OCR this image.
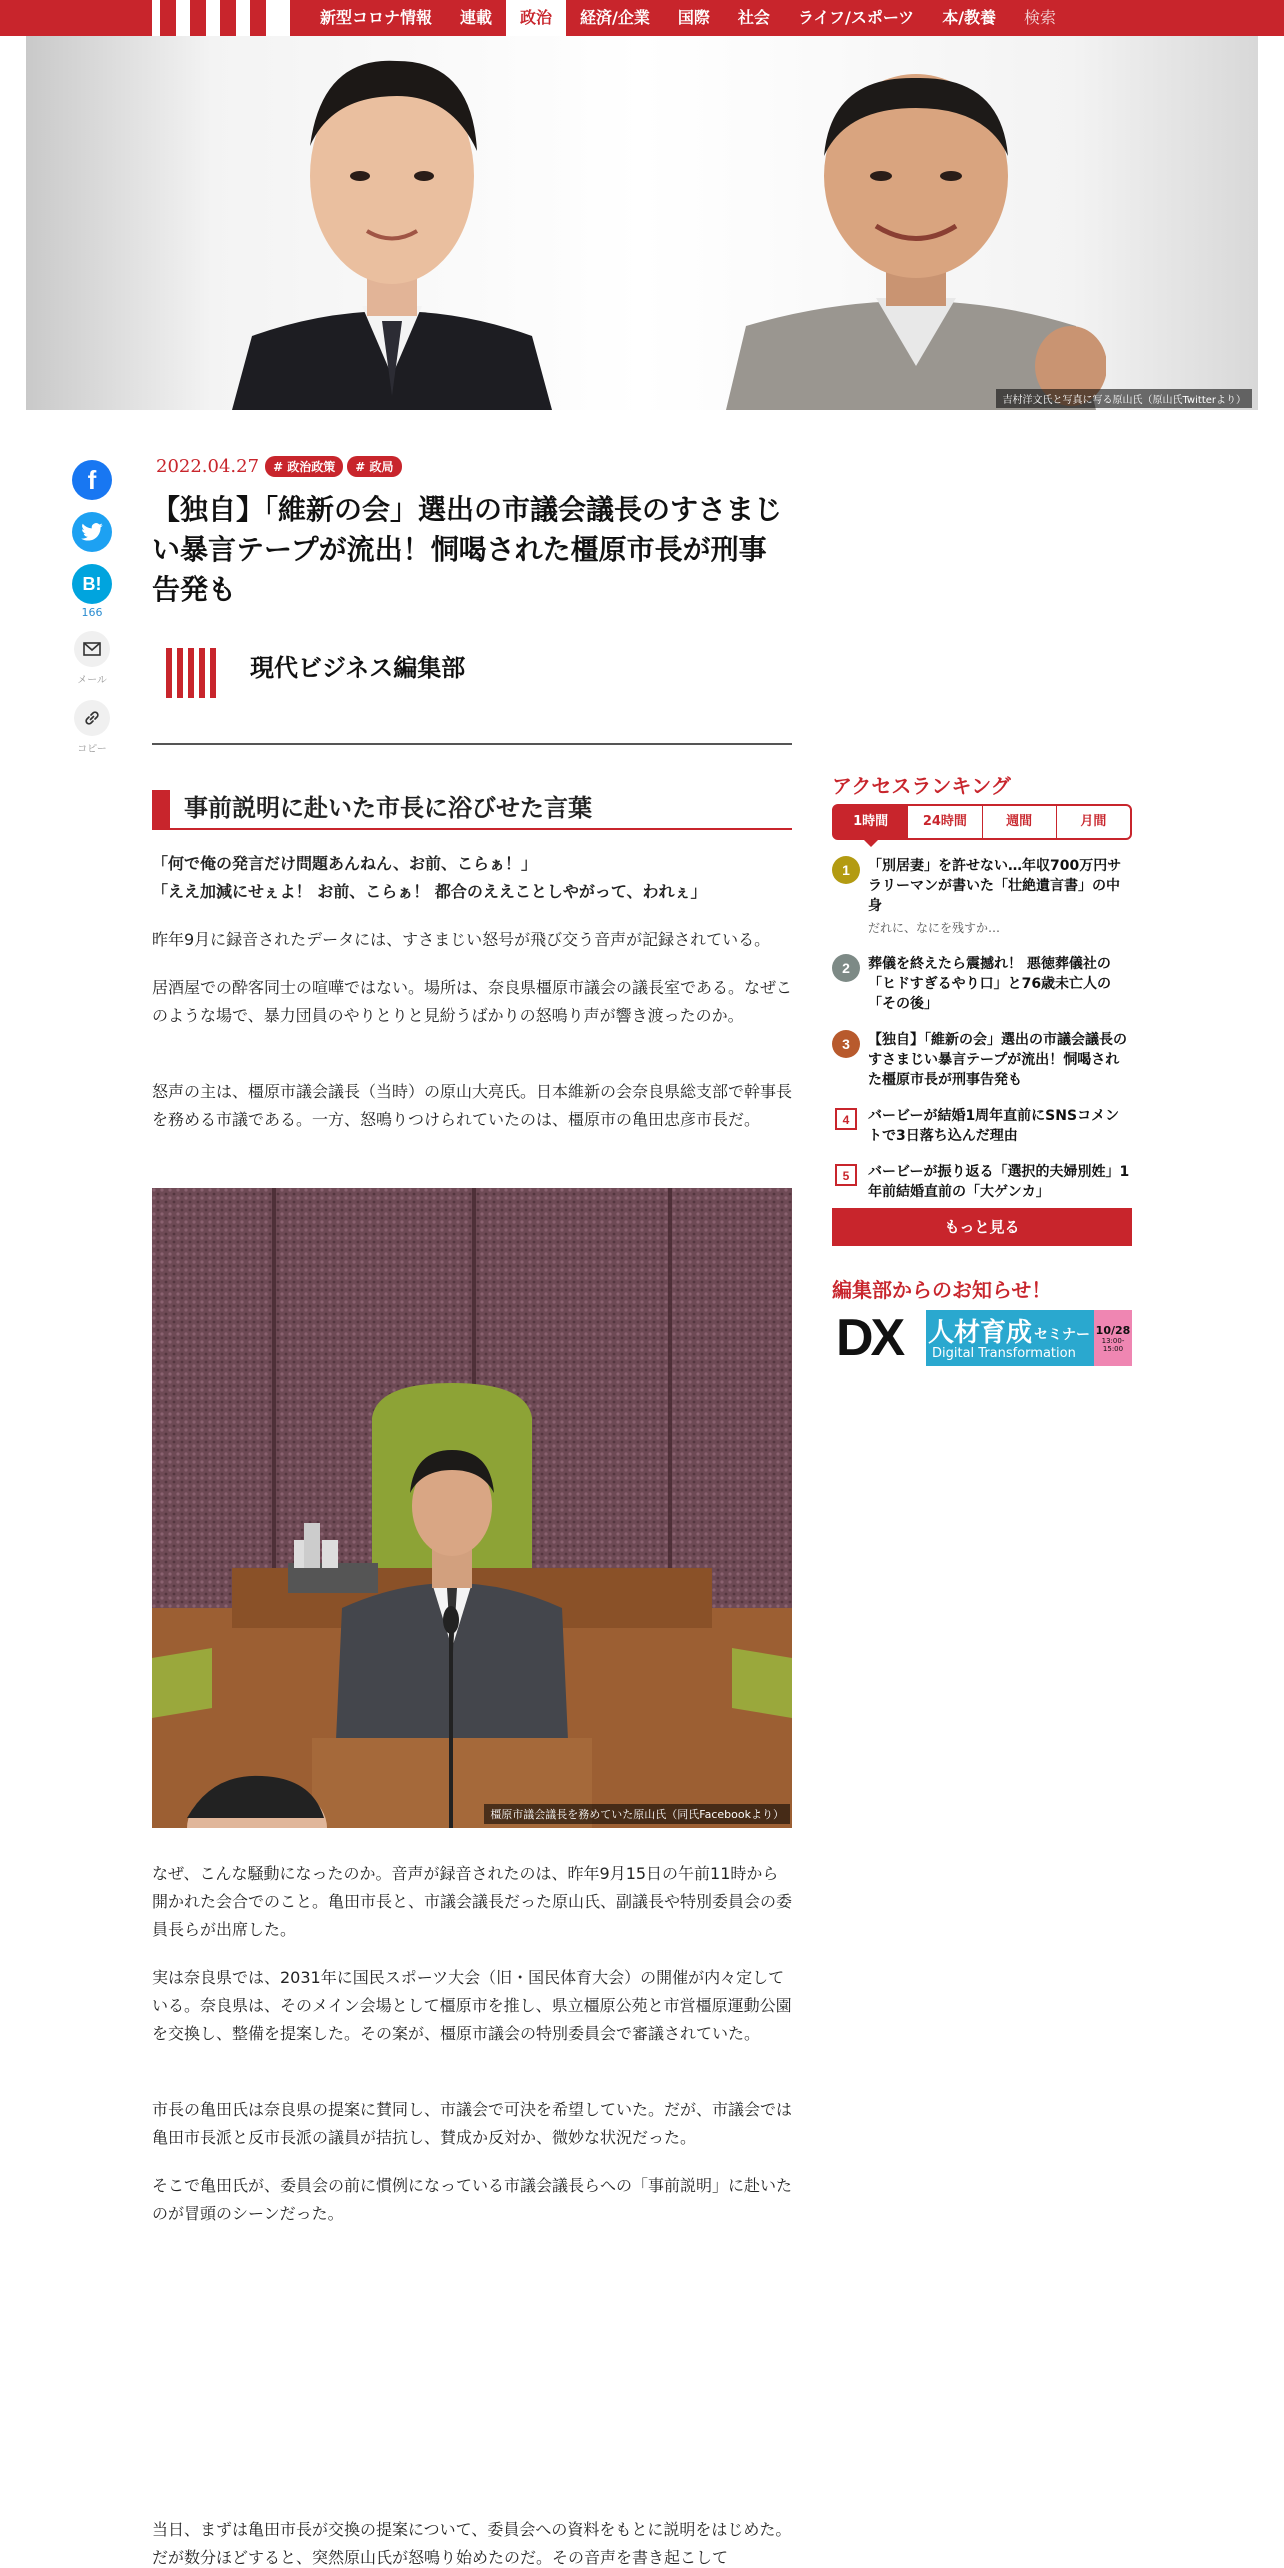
新型コロナ情報	連載	政治	経済/企業	国際	社会	ライフ/スポーツ	本/教養	検索
吉村洋文氏と写真に写る原山氏（原山氏Twitterより）
f
B!
166
メール
コピー
2022.04.27	# 政治政策	# 政局
【独自】「維新の会」選出の市議会議長のすさまじい暴言テープが流出！恫喝された橿原市長が刑事告発も
現代ビジネス編集部
事前説明に赴いた市長に浴びせた言葉
「何で俺の発言だけ問題あんねん、お前、こらぁ！」
「ええ加減にせぇよ！ お前、こらぁ！ 都合のええことしやがって、われぇ」

昨年9月に録音されたデータには、すさまじい怒号が飛び交う音声が記録されている。

居酒屋での酔客同士の喧嘩ではない。場所は、奈良県橿原市議会の議長室である。なぜこのような場で、暴力団員のやりとりと見紛うばかりの怒鳴り声が響き渡ったのか。

怒声の主は、橿原市議会議長（当時）の原山大亮氏。日本維新の会奈良県総支部で幹事長を務める市議である。一方、怒鳴りつけられていたのは、橿原市の亀田忠彦市長だ。

橿原市議会議長を務めていた原山氏（同氏Facebookより）

なぜ、こんな騒動になったのか。音声が録音されたのは、昨年9月15日の午前11時から開かれた会合でのこと。亀田市長と、市議会議長だった原山氏、副議長や特別委員会の委員長らが出席した。

実は奈良県では、2031年に国民スポーツ大会（旧・国民体育大会）の開催が内々定している。奈良県は、そのメイン会場として橿原市を推し、県立橿原公苑と市営橿原運動公園を交換し、整備を提案した。その案が、橿原市議会の特別委員会で審議されていた。

市長の亀田氏は奈良県の提案に賛同し、市議会で可決を希望していた。だが、市議会では亀田市長派と反市長派の議員が拮抗し、賛成か反対か、微妙な状況だった。

そこで亀田氏が、委員会の前に慣例になっている市議会議長らへの「事前説明」に赴いたのが冒頭のシーンだった。

当日、まずは亀田市長が交換の提案について、委員会への資料をもとに説明をはじめた。だが数分ほどすると、突然原山氏が怒鳴り始めたのだ。その音声を書き起こして

アクセスランキング
1時間	24時間	週間	月間
1	「別居妻」を許せない…年収700万円サラリーマンが書いた「壮絶遺言書」の中身
だれに、なにを残すか…
2	葬儀を終えたら震撼れ！ 悪徳葬儀社の「ヒドすぎるやり口」と76歳未亡人の「その後」
3	【独自】「維新の会」選出の市議会議長のすさまじい暴言テープが流出！恫喝された橿原市長が刑事告発も
4	バービーが結婚1周年直前にSNSコメントで3日落ち込んだ理由
5	バービーが振り返る「選択的夫婦別姓」1年前結婚直前の「大ゲンカ」
もっと見る
編集部からのお知らせ！
DX 人材育成 セミナー
Digital Transformation
10/28
13:00-15:00
